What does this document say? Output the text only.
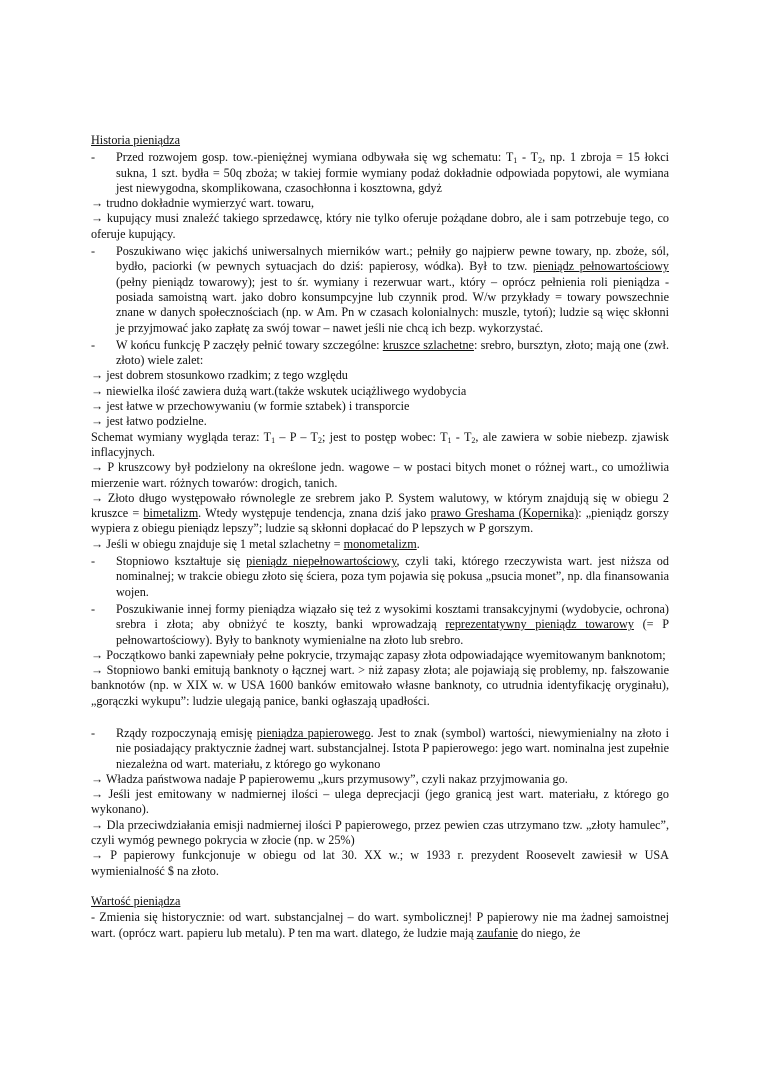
Historia pieniądza
- Przed rozwojem gosp. tow.-pieniężnej wymiana odbywała się wg schematu: $T_1 - T_2$, np. 1 zbroja = 15 łokci sukna, 1 szt. bydła = 50q zboża; w takiej formie wymiany podaż dokładnie odpowiada popytowi, ale wymiana jest niewygodna, skomplikowana, czasochłonna i kosztowna, gdyż
→ trudno dokładnie wymierzyć wart. towaru,
→ kupujący musi znaleźć takiego sprzedawcę, który nie tylko oferuje pożądane dobro, ale i sam potrzebuje tego, co oferuje kupujący.
- Poszukiwano więc jakichś uniwersalnych mierników wart.; pełniły go najpierw pewne towary, np. zboże, sól, bydło, paciorki (w pewnych sytuacjach do dziś: papierosy, wódka). Był to tzw. pieniądz pełnowartościowy (pełny pieniądz towarowy); jest to śr. wymiany i rezerwuar wart., który – oprócz pełnienia roli pieniądza - posiada samoistną wart. jako dobro konsumpcyjne lub czynnik prod. W/w przykłady = towary powszechnie znane w danych społecznościach (np. w Am. Pn w czasach kolonialnych: muszle, tytoń); ludzie są więc skłonni je przyjmować jako zapłatę za swój towar – nawet jeśli nie chcą ich bezp. wykorzystać.
- W końcu funkcję P zaczęły pełnić towary szczególne: kruszce szlachetne: srebro, bursztyn, złoto; mają one (zwł. złoto) wiele zalet:
→ jest dobrem stosunkowo rzadkim; z tego względu
→ niewielka ilość zawiera dużą wart.(także wskutek uciążliwego wydobycia
→ jest łatwe w przechowywaniu (w formie sztabek) i transporcie
→ jest łatwo podzielne.
Schemat wymiany wygląda teraz: $T_1$ – P – $T_2$; jest to postęp wobec: $T_1 - T_2$, ale zawiera w sobie niebezp. zjawisk inflacyjnych.
→ P kruszcowy był podzielony na określone jedn. wagowe – w postaci bitych monet o różnej wart., co umożliwia mierzenie wart. różnych towarów: drogich, tanich.
→ Złoto długo występowało równolegle ze srebrem jako P. System walutowy, w którym znajdują się w obiegu 2 kruszce = bimetalizm. Wtedy występuje tendencja, znana dziś jako prawo Greshama (Kopernika): „pieniądz gorszy wypiera z obiegu pieniądz lepszy”; ludzie są skłonni dopłacać do P lepszych w P gorszym.
→ Jeśli w obiegu znajduje się 1 metal szlachetny = monometalizm.
- Stopniowo kształtuje się pieniądz niepełnowartościowy, czyli taki, którego rzeczywista wart. jest niższa od nominalnej; w trakcie obiegu złoto się ściera, poza tym pojawia się pokusa „psucia monet”, np. dla finansowania wojen.
- Poszukiwanie innej formy pieniądza wiązało się też z wysokimi kosztami transakcyjnymi (wydobycie, ochrona) srebra i złota; aby obniżyć te koszty, banki wprowadzają reprezentatywny pieniądz towarowy (= P pełnowartościowy). Były to banknoty wymienialne na złoto lub srebro.
→ Początkowo banki zapewniały pełne pokrycie, trzymając zapasy złota odpowiadające wyemitowanym banknotom;
→ Stopniowo banki emitują banknoty o łącznej wart. > niż zapasy złota; ale pojawiają się problemy, np. fałszowanie banknotów (np. w XIX w. w USA 1600 banków emitowało własne banknoty, co utrudnia identyfikację oryginału), „gorączki wykupu”: ludzie ulegają panice, banki ogłaszają upadłości.
- Rządy rozpoczynają emisję pieniądza papierowego. Jest to znak (symbol) wartości, niewymienialny na złoto i nie posiadający praktycznie żadnej wart. substancjalnej. Istota P papierowego: jego wart. nominalna jest zupełnie niezależna od wart. materiału, z którego go wykonano
→ Władza państwowa nadaje P papierowemu „kurs przymusowy”, czyli nakaz przyjmowania go.
→ Jeśli jest emitowany w nadmiernej ilości – ulega deprecjacji (jego granicą jest wart. materiału, z którego go wykonano).
→ Dla przeciwdziałania emisji nadmiernej ilości P papierowego, przez pewien czas utrzymano tzw. „złoty hamulec”, czyli wymóg pewnego pokrycia w złocie (np. w 25%)
→ P papierowy funkcjonuje w obiegu od lat 30. XX w.; w 1933 r. prezydent Roosevelt zawiesił w USA wymienialność $ na złoto.
Wartość pieniądza
- Zmienia się historycznie: od wart. substancjalnej – do wart. symbolicznej! P papierowy nie ma żadnej samoistnej wart. (oprócz wart. papieru lub metalu). P ten ma wart. dlatego, że ludzie mają zaufanie do niego, że
